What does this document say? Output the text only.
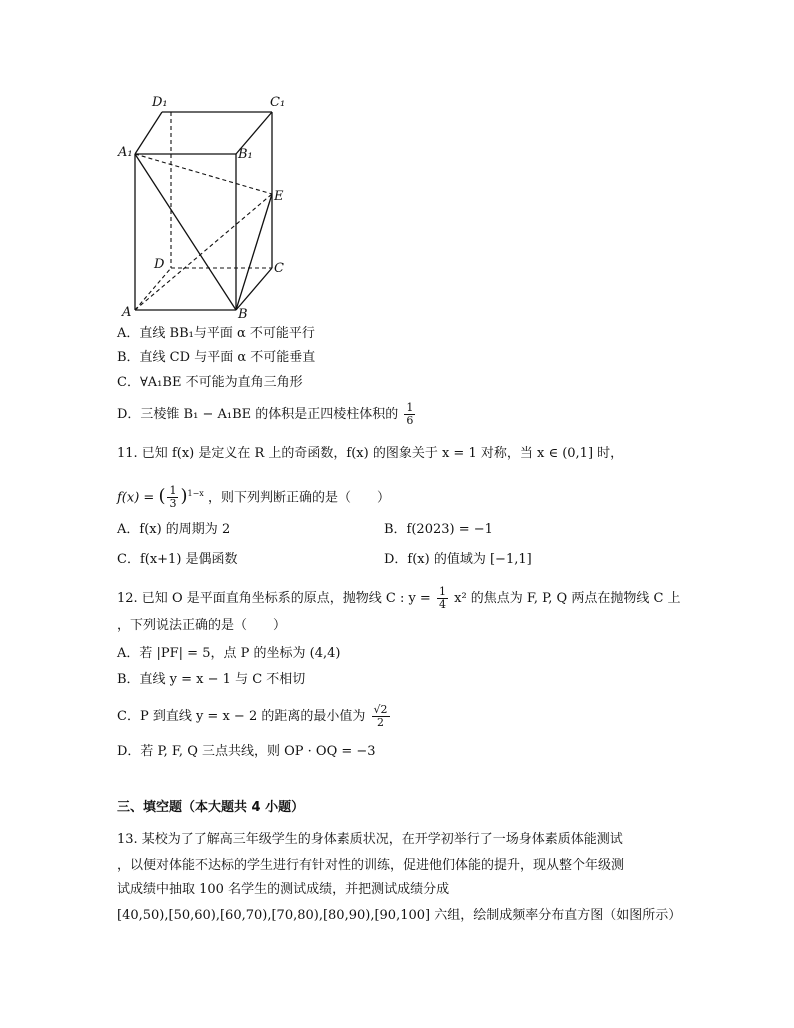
D₁	C₁
A₁	B₁
E
D	C
A	B
A．直线 BB₁与平面 α 不可能平行
B．直线 CD 与平面 α 不可能垂直
C．∀A₁BE 不可能为直角三角形
D．三棱锥 B₁ − A₁BE 的体积是正四棱柱体积的 $\frac{1}{6}$
11. 已知 f(x) 是定义在 R 上的奇函数，f(x) 的图象关于 x = 1 对称，当 x ∈ (0,1] 时，
f(x) = ( $\frac{1}{3} )^{1-x}$ ，则下列判断正确的是（　　）
A．f(x) 的周期为 2	B．f(2023) = −1
C．f(x+1) 是偶函数	D．f(x) 的值域为 [−1,1]
12. 已知 O 是平面直角坐标系的原点，抛物线 C : $y = \frac{1}{4} x^2$ 的焦点为 F, P, Q 两点在抛物线 C 上
，下列说法正确的是（　　）
A．若 |PF| = 5，点 P 的坐标为 (4,4)
B．直线 y = x − 1 与 C 不相切
C．P 到直线 y = x − 2 的距离的最小值为 $\frac{√2}{2}$
D．若 P, F, Q 三点共线，则 OP · OQ = −3
三、填空题（本大题共 4 小题）
13. 某校为了了解高三年级学生的身体素质状况，在开学初举行了一场身体素质体能测试
，以便对体能不达标的学生进行有针对性的训练，促进他们体能的提升，现从整个年级测
试成绩中抽取 100 名学生的测试成绩，并把测试成绩分成
[40,50),[50,60),[60,70),[70,80),[80,90),[90,100] 六组，绘制成频率分布直方图（如图所示）
